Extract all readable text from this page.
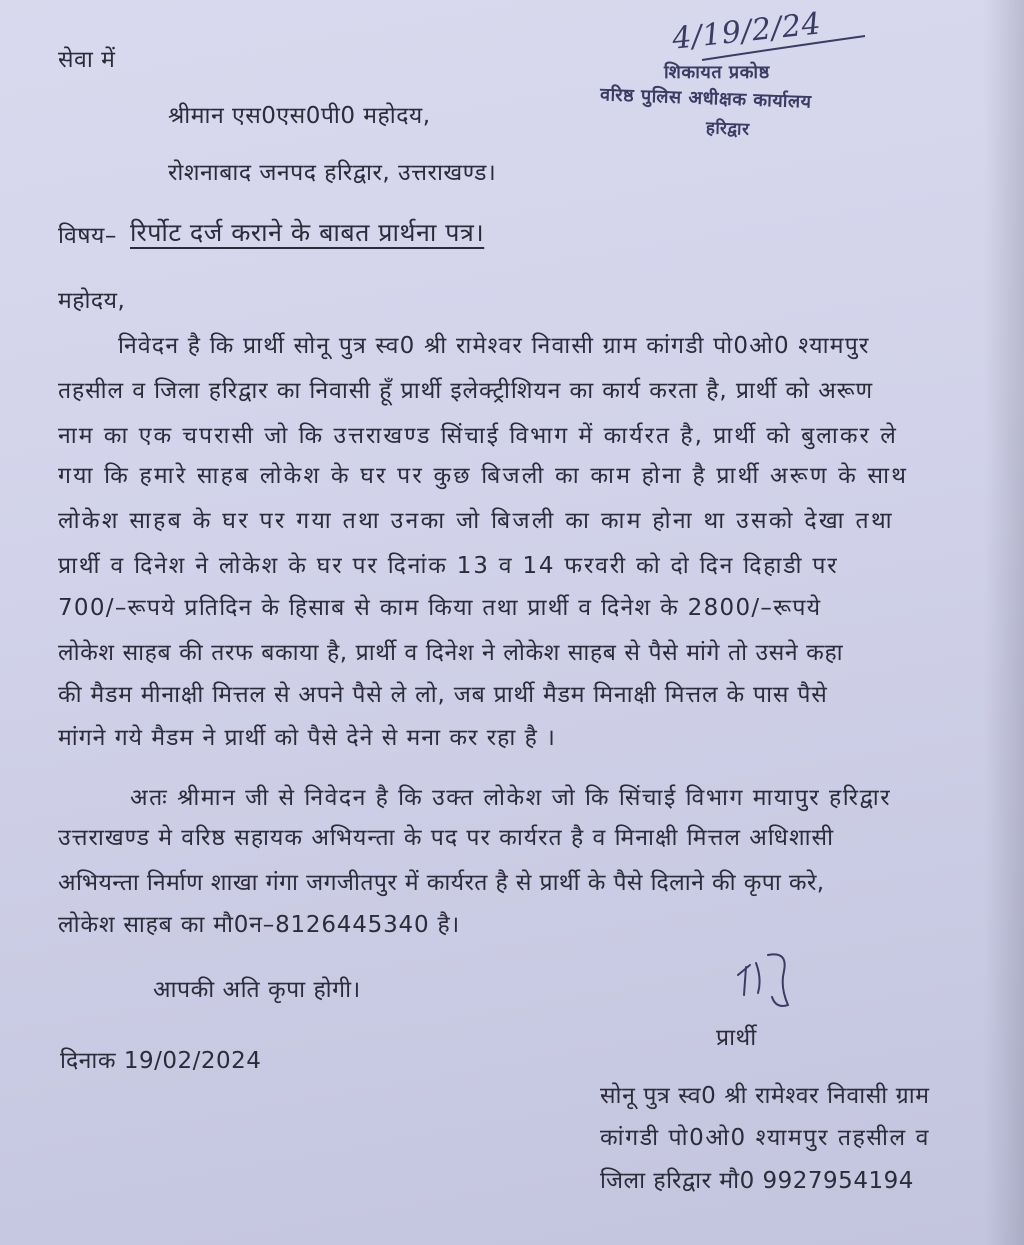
4/19/2/24
शिकायत प्रकोष्ठ
वरिष्ठ पुलिस अधीक्षक कार्यालय
हरिद्वार
सेवा में
श्रीमान एस0एस0पी0 महोदय,
रोशनाबाद जनपद हरिद्वार, उत्तराखण्ड।
विषय– रिर्पोट दर्ज कराने के बाबत प्रार्थना पत्र।
महोदय,
निवेदन है कि प्रार्थी सोनू पुत्र स्व0 श्री रामेश्वर निवासी ग्राम कांगडी पो0ओ0 श्यामपुर
तहसील व जिला हरिद्वार का निवासी हूँ प्रार्थी इलेक्ट्रीशियन का कार्य करता है, प्रार्थी को अरूण
नाम का एक चपरासी जो कि उत्तराखण्ड सिंचाई विभाग में कार्यरत है, प्रार्थी को बुलाकर ले
गया कि हमारे साहब लोकेश के घर पर कुछ बिजली का काम होना है प्रार्थी अरूण के साथ
लोकेश साहब के घर पर गया तथा उनका जो बिजली का काम होना था उसको देखा तथा
प्रार्थी व दिनेश ने लोकेश के घर पर दिनांक 13 व 14 फरवरी को दो दिन दिहाडी पर
700/–रूपये प्रतिदिन के हिसाब से काम किया तथा प्रार्थी व दिनेश के 2800/–रूपये
लोकेश साहब की तरफ बकाया है, प्रार्थी व दिनेश ने लोकेश साहब से पैसे मांगे तो उसने कहा
की मैडम मीनाक्षी मित्तल से अपने पैसे ले लो, जब प्रार्थी मैडम मिनाक्षी मित्तल के पास पैसे
मांगने गये मैडम ने प्रार्थी को पैसे देने से मना कर रहा है ।
अतः श्रीमान जी से निवेदन है कि उक्त लोकेश जो कि सिंचाई विभाग मायापुर हरिद्वार
उत्तराखण्ड मे वरिष्ठ सहायक अभियन्ता के पद पर कार्यरत है व मिनाक्षी मित्तल अधिशासी
अभियन्ता निर्माण शाखा गंगा जगजीतपुर में कार्यरत है से प्रार्थी के पैसे दिलाने की कृपा करे,
लोकेश साहब का मौ0न–8126445340 है।
आपकी अति कृपा होगी।
प्रार्थी
दिनाक 19/02/2024
सोनू पुत्र स्व0 श्री रामेश्वर निवासी ग्राम
कांगडी पो0ओ0 श्यामपुर तहसील व
जिला हरिद्वार मौ0 9927954194
